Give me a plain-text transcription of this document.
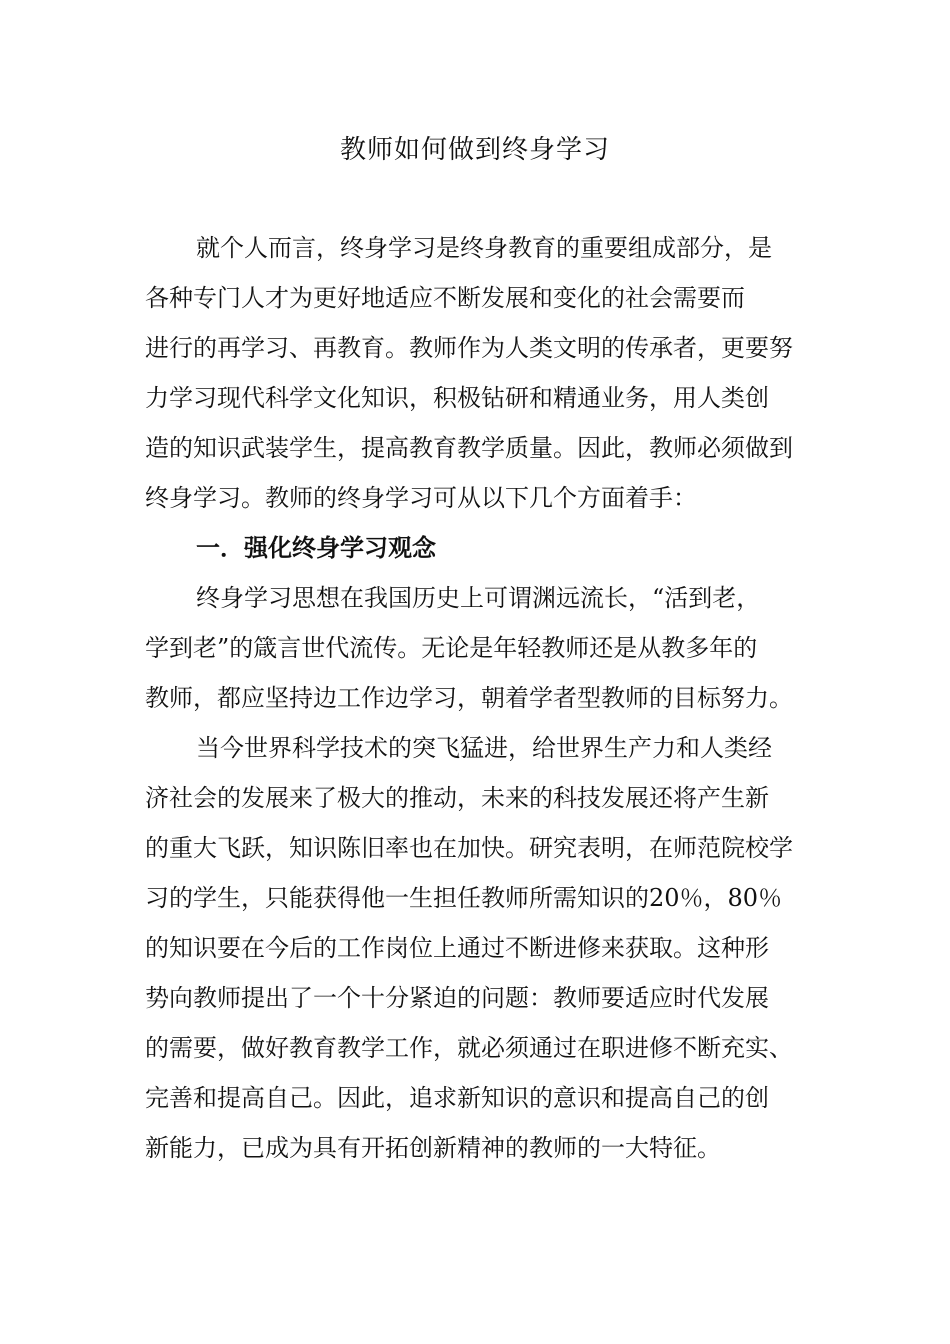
教师如何做到终身学习
就个人而言，终身学习是终身教育的重要组成部分，是
各种专门人才为更好地适应不断发展和变化的社会需要而
进行的再学习、再教育。教师作为人类文明的传承者，更要努
力学习现代科学文化知识，积极钻研和精通业务，用人类创
造的知识武装学生，提高教育教学质量。因此，教师必须做到
终身学习。教师的终身学习可从以下几个方面着手：
一．强化终身学习观念
终身学习思想在我国历史上可谓渊远流长，“活到老，
学到老”的箴言世代流传。无论是年轻教师还是从教多年的
教师，都应坚持边工作边学习，朝着学者型教师的目标努力。
当今世界科学技术的突飞猛进，给世界生产力和人类经
济社会的发展来了极大的推动，未来的科技发展还将产生新
的重大飞跃，知识陈旧率也在加快。研究表明，在师范院校学
习的学生，只能获得他一生担任教师所需知识的20％，80％
的知识要在今后的工作岗位上通过不断进修来获取。这种形
势向教师提出了一个十分紧迫的问题：教师要适应时代发展
的需要，做好教育教学工作，就必须通过在职进修不断充实、
完善和提高自己。因此，追求新知识的意识和提高自己的创
新能力，已成为具有开拓创新精神的教师的一大特征。
